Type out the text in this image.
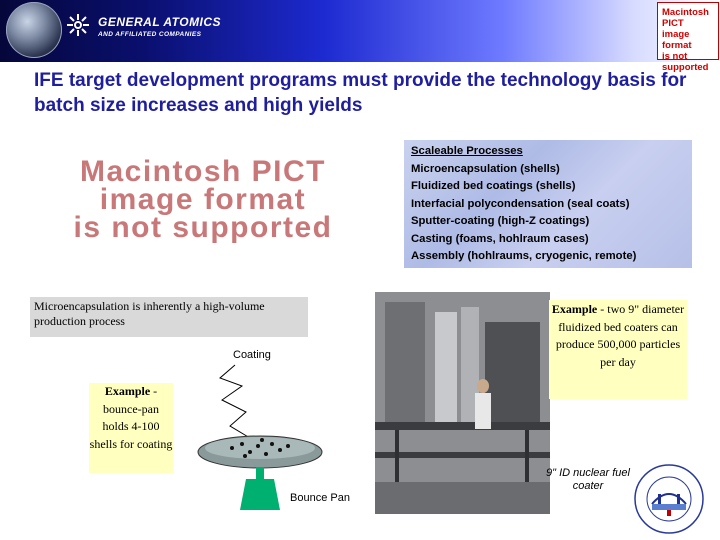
GENERAL ATOMICS
AND AFFILIATED COMPANIES
Macintosh PICT
image format
is not supported
IFE target development programs must provide the technology basis for batch size increases and high yields
Macintosh PICT
image format
is not supported
Scaleable Processes
Microencapsulation (shells)
Fluidized bed coatings (shells)
Interfacial polycondensation (seal coats)
Sputter-coating (high-Z coatings)
Casting (foams, hohlraum cases)
Assembly (hohlraums, cryogenic, remote)
Microencapsulation is inherently a high-volume production process
Coating
Bounce Pan
Example - bounce-pan holds 4-100 shells for coating
Example - two 9" diameter fluidized bed coaters can produce 500,000 particles per day
9" ID nuclear fuel coater
